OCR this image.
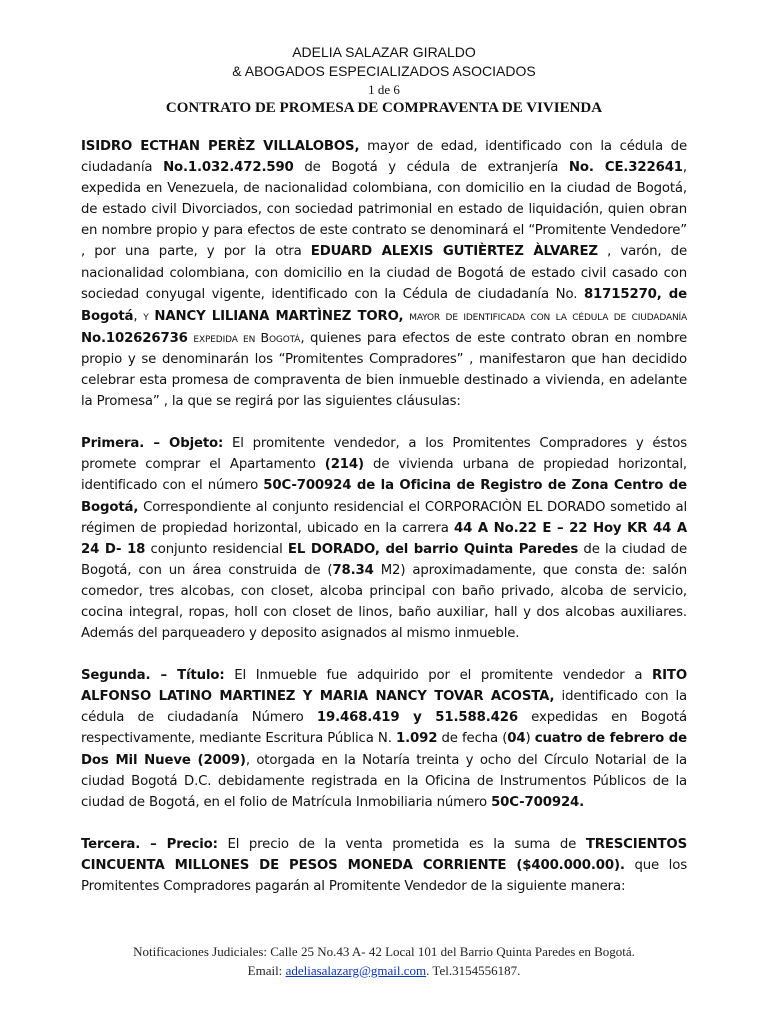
ADELIA SALAZAR GIRALDO
& ABOGADOS ESPECIALIZADOS ASOCIADOS
1 de 6
CONTRATO DE PROMESA DE COMPRAVENTA DE VIVIENDA

ISIDRO ECTHAN PERÈZ VILLALOBOS, mayor de edad, identificado con la cédula de ciudadanía No.1.032.472.590 de Bogotá y cédula de extranjería No. CE.322641, expedida en Venezuela, de nacionalidad colombiana, con domicilio en la ciudad de Bogotá, de estado civil Divorciados, con sociedad patrimonial en estado de liquidación, quien obran en nombre propio y para efectos de este contrato se denominará el “Promitente Vendedore” , por una parte, y por la otra EDUARD ALEXIS GUTIÈRTEZ ÀLVAREZ , varón, de nacionalidad colombiana, con domicilio en la ciudad de Bogotá de estado civil casado con sociedad conyugal vigente, identificado con la Cédula de ciudadanía No. 81715270, de Bogotá, y NANCY LILIANA MARTÌNEZ TORO, mayor de identificada con la cédula de ciudadanía No.102626736 expedida en Bogotá, quienes para efectos de este contrato obran en nombre propio y se denominarán los “Promitentes Compradores” , manifestaron que han decidido celebrar esta promesa de compraventa de bien inmueble destinado a vivienda, en adelante la Promesa” , la que se regirá por las siguientes cláusulas:

Primera. – Objeto: El promitente vendedor, a los Promitentes Compradores y éstos promete comprar el Apartamento (214) de vivienda urbana de propiedad horizontal, identificado con el número 50C-700924 de la Oficina de Registro de Zona Centro de Bogotá, Correspondiente al conjunto residencial el CORPORACIÒN EL DORADO sometido al régimen de propiedad horizontal, ubicado en la carrera 44 A No.22 E – 22 Hoy KR 44 A 24 D- 18 conjunto residencial EL DORADO, del barrio Quinta Paredes de la ciudad de Bogotá, con un área construida de (78.34 M2) aproximadamente, que consta de: salón comedor, tres alcobas, con closet, alcoba principal con baño privado, alcoba de servicio, cocina integral, ropas, holl con closet de linos, baño auxiliar, hall y dos alcobas auxiliares. Además del parqueadero y deposito asignados al mismo inmueble.

Segunda. – Título: El Inmueble fue adquirido por el promitente vendedor a RITO ALFONSO LATINO MARTINEZ Y MARIA NANCY TOVAR ACOSTA, identificado con la cédula de ciudadanía Número 19.468.419 y 51.588.426 expedidas en Bogotá respectivamente, mediante Escritura Pública N. 1.092 de fecha (04) cuatro de febrero de Dos Mil Nueve (2009), otorgada en la Notaría treinta y ocho del Círculo Notarial de la ciudad Bogotá D.C. debidamente registrada en la Oficina de Instrumentos Públicos de la ciudad de Bogotá, en el folio de Matrícula Inmobiliaria número 50C-700924.

Tercera. – Precio: El precio de la venta prometida es la suma de TRESCIENTOS CINCUENTA MILLONES DE PESOS MONEDA CORRIENTE ($400.000.00). que los Promitentes Compradores pagarán al Promitente Vendedor de la siguiente manera:

Notificaciones Judiciales: Calle 25 No.43 A- 42 Local 101 del Barrio Quinta Paredes en Bogotá.
Email: adeliasalazarg@gmail.com. Tel.3154556187.
